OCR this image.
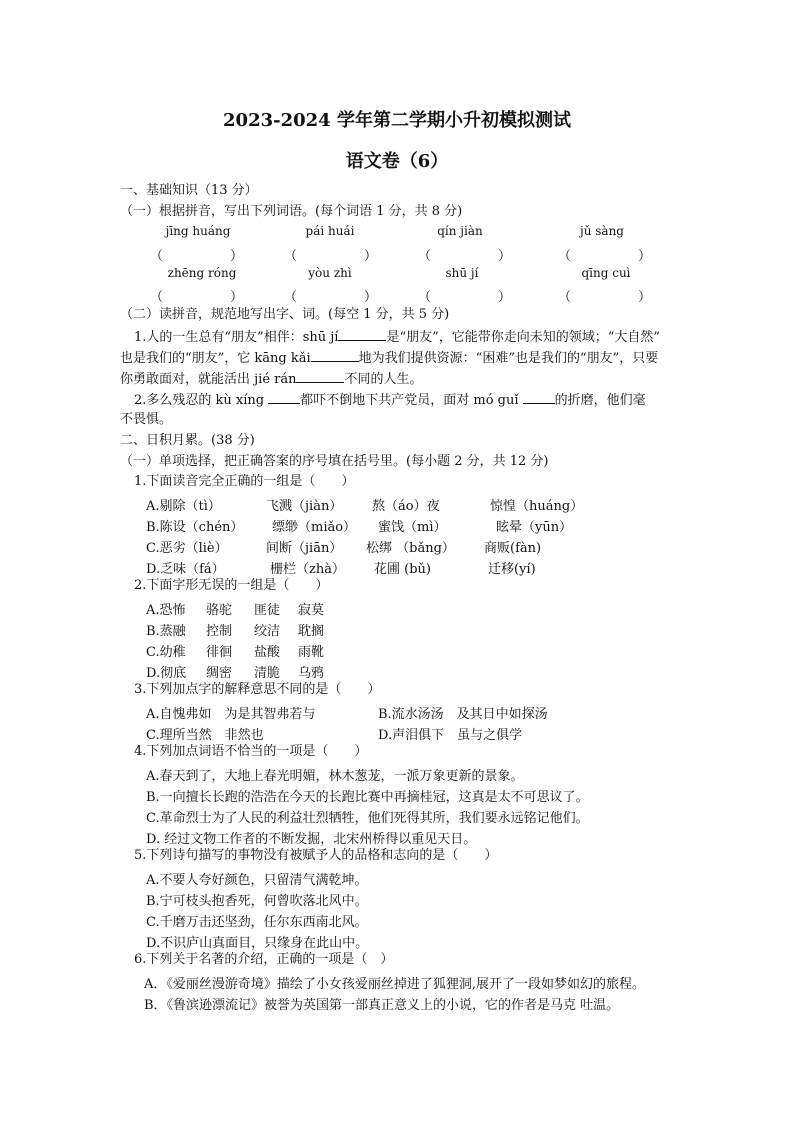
2023-2024 学年第二学期小升初模拟测试
语文卷（6）
一、基础知识（13 分）
（一）根据拼音，写出下列词语。(每个词语 1 分，共 8 分)
jīng huáng	pái huái	qín jiàn	jǔ sàng
（	）	（	）	（	）	（	）
zhēng róng	yòu zhì	shū jí	qīng cuì
（	）	（	）	（	）	（	）
（二）读拼音，规范地写出字、词。(每空 1 分，共 5 分)
1.人的一生总有“朋友”相伴：shū jí	是“朋友”，它能带你走向未知的领域；“大自然”
也是我们的“朋友”，它 kāng kǎi	地为我们提供资源：“困难”也是我们的“朋友”，只要
你勇敢面对，就能活出 jié rán	不同的人生。
2.多么残忍的 kù xíng	都吓不倒地下共产党员，面对 mó guǐ	的折磨，他们毫
不畏惧。
二、日积月累。(38 分)
（一）单项选择，把正确答案的序号填在括号里。(每小题 2 分，共 12 分)
1.下面读音完全正确的一组是（　　）
A.剔除（tì）	飞溅（jiàn） 熬（áo）夜	惊惶（huáng）
B.陈设（chén） 缥缈（miǎo） 蜜饯（mì）	眩晕（yūn）
C.恶劣（liè）	间断（jiān） 松绑 （bǎng） 商贩(fàn)
D.乏味（fá）	栅栏（zhà） 花圃 (bǔ)	迁移(yí)
2.下面字形无误的一组是（　　）
A.恐怖 骆驼 匪徒 寂莫
B.蒸融 控制 绞洁 耽搁
C.幼稚 徘徊 盐酸 雨靴
D.彻底 绸密 清脆 乌鸦
3.下列加点字的解释意思不同的是（　　）
A.自愧弗如　为是其智弗若与	B.流水汤汤　及其日中如探汤
C.理所当然　非然也	D.声泪俱下　虽与之俱学
4.下列加点词语不恰当的一项是（　　）
A.春天到了，大地上春光明媚，林木葱茏，一派万象更新的景象。
B.一向擅长长跑的浩浩在今天的长跑比赛中再摘桂冠，这真是太不可思议了。
C.革命烈士为了人民的利益壮烈牺牲，他们死得其所，我们要永远铭记他们。
D. 经过文物工作者的不断发掘，北宋州桥得以重见天日。
5.下列诗句描写的事物没有被赋予人的品格和志向的是（　　）
A.不要人夸好颜色，只留清气满乾坤。
B.宁可枝头抱香死，何曾吹落北风中。
C.千磨万击还坚劲，任尔东西南北风。
D.不识庐山真面目，只缘身在此山中。
6.下列关于名著的介绍，正确的一项是（　）
A．《爱丽丝漫游奇境》描绘了小女孩爱丽丝掉进了狐狸洞,展开了一段如梦如幻的旅程。
B．《鲁滨逊漂流记》被誉为英国第一部真正意义上的小说，它的作者是马克 吐温。
